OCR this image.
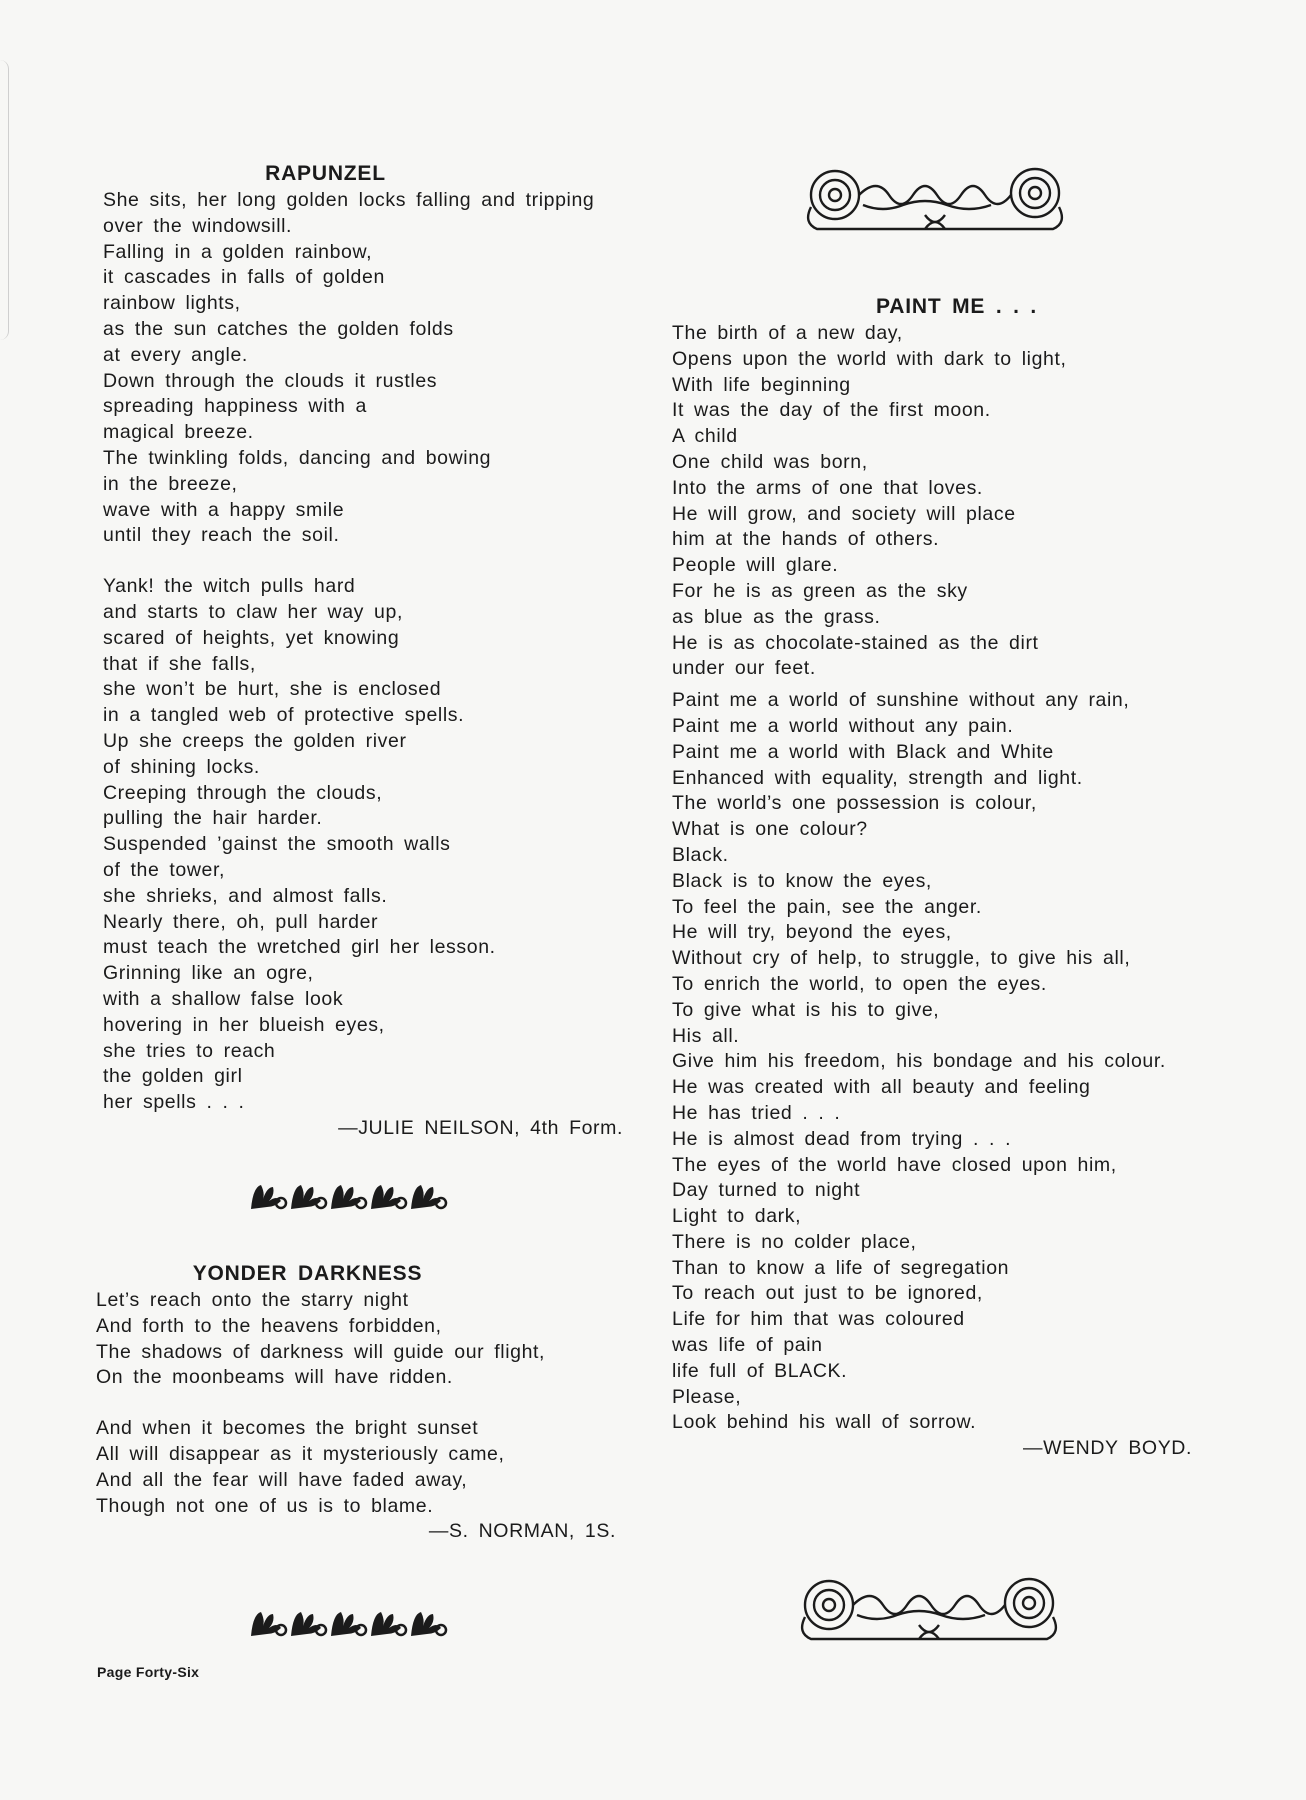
RAPUNZEL
She sits, her long golden locks falling and tripping
over the windowsill.
Falling in a golden rainbow,
it cascades in falls of golden
rainbow lights,
as the sun catches the golden folds
at every angle.
Down through the clouds it rustles
spreading happiness with a
magical breeze.
The twinkling folds, dancing and bowing
in the breeze,
wave with a happy smile
until they reach the soil.
Yank! the witch pulls hard
and starts to claw her way up,
scared of heights, yet knowing
that if she falls,
she won’t be hurt, she is enclosed
in a tangled web of protective spells.
Up she creeps the golden river
of shining locks.
Creeping through the clouds,
pulling the hair harder.
Suspended ’gainst the smooth walls
of the tower,
she shrieks, and almost falls.
Nearly there, oh, pull harder
must teach the wretched girl her lesson.
Grinning like an ogre,
with a shallow false look
hovering in her blueish eyes,
she tries to reach
the golden girl
her spells . . .
—JULIE NEILSON, 4th Form.
YONDER DARKNESS
Let’s reach onto the starry night
And forth to the heavens forbidden,
The shadows of darkness will guide our flight,
On the moonbeams will have ridden.
And when it becomes the bright sunset
All will disappear as it mysteriously came,
And all the fear will have faded away,
Though not one of us is to blame.
—S. NORMAN, 1S.
PAINT ME . . .
The birth of a new day,
Opens upon the world with dark to light,
With life beginning
It was the day of the first moon.
A child
One child was born,
Into the arms of one that loves.
He will grow, and society will place
him at the hands of others.
People will glare.
For he is as green as the sky
as blue as the grass.
He is as chocolate-stained as the dirt
under our feet.
Paint me a world of sunshine without any rain,
Paint me a world without any pain.
Paint me a world with Black and White
Enhanced with equality, strength and light.
The world’s one possession is colour,
What is one colour?
Black.
Black is to know the eyes,
To feel the pain, see the anger.
He will try, beyond the eyes,
Without cry of help, to struggle, to give his all,
To enrich the world, to open the eyes.
To give what is his to give,
His all.
Give him his freedom, his bondage and his colour.
He was created with all beauty and feeling
He has tried . . .
He is almost dead from trying . . .
The eyes of the world have closed upon him,
Day turned to night
Light to dark,
There is no colder place,
Than to know a life of segregation
To reach out just to be ignored,
Life for him that was coloured
was life of pain
life full of BLACK.
Please,
Look behind his wall of sorrow.
—WENDY BOYD.
Page Forty-Six
